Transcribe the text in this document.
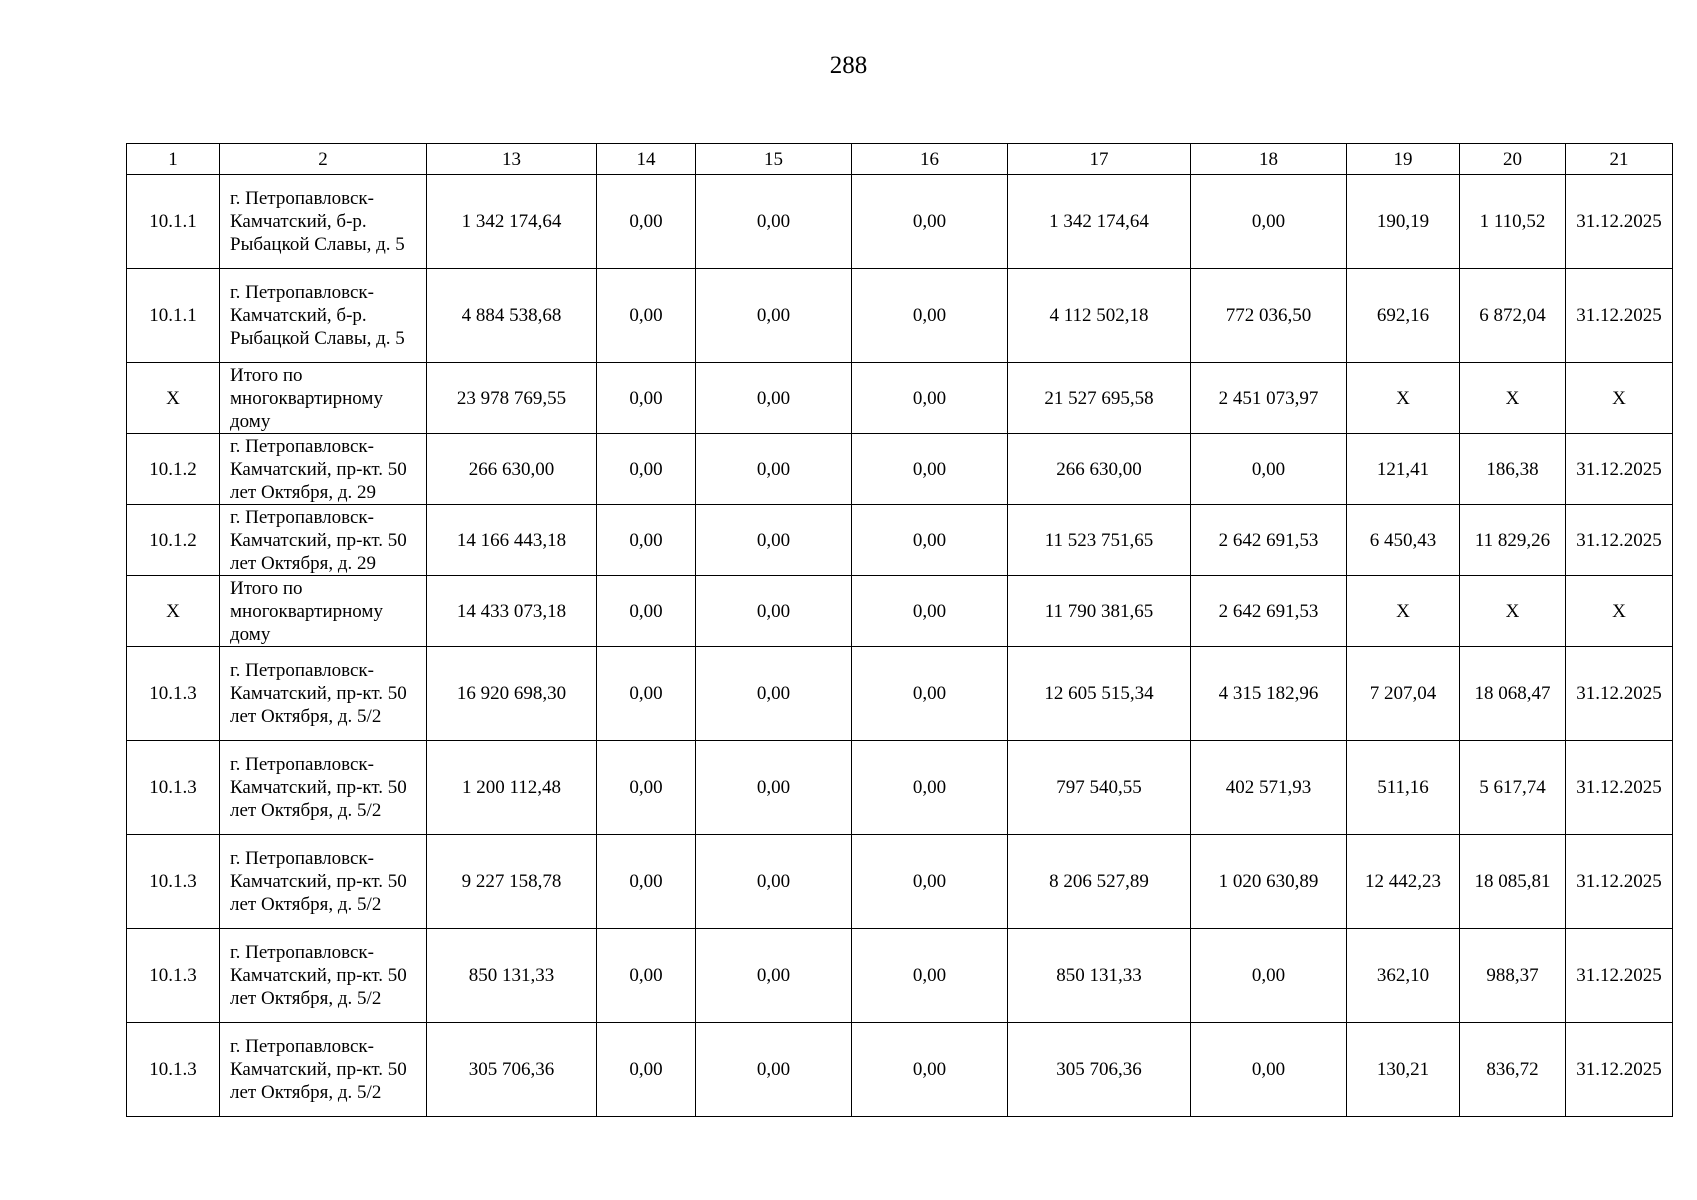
288
1	2	13	14	15	16	17	18	19	20	21
10.1.1	г. Петропавловск-Камчатский, б-р. Рыбацкой Славы, д. 5	1 342 174,64	0,00	0,00	0,00	1 342 174,64	0,00	190,19	1 110,52	31.12.2025
10.1.1	г. Петропавловск-Камчатский, б-р. Рыбацкой Славы, д. 5	4 884 538,68	0,00	0,00	0,00	4 112 502,18	772 036,50	692,16	6 872,04	31.12.2025
X	Итого по многоквартирному дому	23 978 769,55	0,00	0,00	0,00	21 527 695,58	2 451 073,97	X	X	X
10.1.2	г. Петропавловск-Камчатский, пр-кт. 50 лет Октября, д. 29	266 630,00	0,00	0,00	0,00	266 630,00	0,00	121,41	186,38	31.12.2025
10.1.2	г. Петропавловск-Камчатский, пр-кт. 50 лет Октября, д. 29	14 166 443,18	0,00	0,00	0,00	11 523 751,65	2 642 691,53	6 450,43	11 829,26	31.12.2025
X	Итого по многоквартирному дому	14 433 073,18	0,00	0,00	0,00	11 790 381,65	2 642 691,53	X	X	X
10.1.3	г. Петропавловск-Камчатский, пр-кт. 50 лет Октября, д. 5/2	16 920 698,30	0,00	0,00	0,00	12 605 515,34	4 315 182,96	7 207,04	18 068,47	31.12.2025
10.1.3	г. Петропавловск-Камчатский, пр-кт. 50 лет Октября, д. 5/2	1 200 112,48	0,00	0,00	0,00	797 540,55	402 571,93	511,16	5 617,74	31.12.2025
10.1.3	г. Петропавловск-Камчатский, пр-кт. 50 лет Октября, д. 5/2	9 227 158,78	0,00	0,00	0,00	8 206 527,89	1 020 630,89	12 442,23	18 085,81	31.12.2025
10.1.3	г. Петропавловск-Камчатский, пр-кт. 50 лет Октября, д. 5/2	850 131,33	0,00	0,00	0,00	850 131,33	0,00	362,10	988,37	31.12.2025
10.1.3	г. Петропавловск-Камчатский, пр-кт. 50 лет Октября, д. 5/2	305 706,36	0,00	0,00	0,00	305 706,36	0,00	130,21	836,72	31.12.2025
